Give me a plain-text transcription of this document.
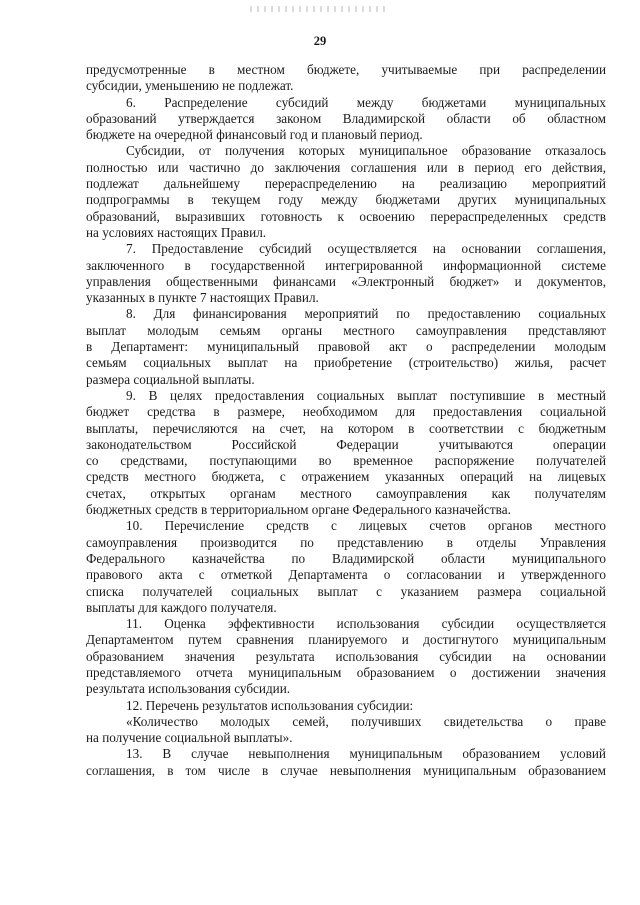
29
предусмотренные в местном бюджете, учитываемые при распределении
субсидии, уменьшению не подлежат.
6. Распределение субсидий между бюджетами муниципальных
образований утверждается законом Владимирской области об областном
бюджете на очередной финансовый год и плановый период.
Субсидии, от получения которых муниципальное образование отказалось
полностью или частично до заключения соглашения или в период его действия,
подлежат дальнейшему перераспределению на реализацию мероприятий
подпрограммы в текущем году между бюджетами других муниципальных
образований, выразивших готовность к освоению перераспределенных средств
на условиях настоящих Правил.
7. Предоставление субсидий осуществляется на основании соглашения,
заключенного в государственной интегрированной информационной системе
управления общественными финансами «Электронный бюджет» и документов,
указанных в пункте 7 настоящих Правил.
8. Для финансирования мероприятий по предоставлению социальных
выплат молодым семьям органы местного самоуправления представляют
в Департамент: муниципальный правовой акт о распределении молодым
семьям социальных выплат на приобретение (строительство) жилья, расчет
размера социальной выплаты.
9. В целях предоставления социальных выплат поступившие в местный
бюджет средства в размере, необходимом для предоставления социальной
выплаты, перечисляются на счет, на котором в соответствии с бюджетным
законодательством Российской Федерации учитываются операции
со средствами, поступающими во временное распоряжение получателей
средств местного бюджета, с отражением указанных операций на лицевых
счетах, открытых органам местного самоуправления как получателям
бюджетных средств в территориальном органе Федерального казначейства.
10. Перечисление средств с лицевых счетов органов местного
самоуправления производится по представлению в отделы Управления
Федерального казначейства по Владимирской области муниципального
правового акта с отметкой Департамента о согласовании и утвержденного
списка получателей социальных выплат с указанием размера социальной
выплаты для каждого получателя.
11. Оценка эффективности использования субсидии осуществляется
Департаментом путем сравнения планируемого и достигнутого муниципальным
образованием значения результата использования субсидии на основании
представляемого отчета муниципальным образованием о достижении значения
результата использования субсидии.
12. Перечень результатов использования субсидии:
«Количество молодых семей, получивших свидетельства о праве
на получение социальной выплаты».
13. В случае невыполнения муниципальным образованием условий
соглашения, в том числе в случае невыполнения муниципальным образованием
